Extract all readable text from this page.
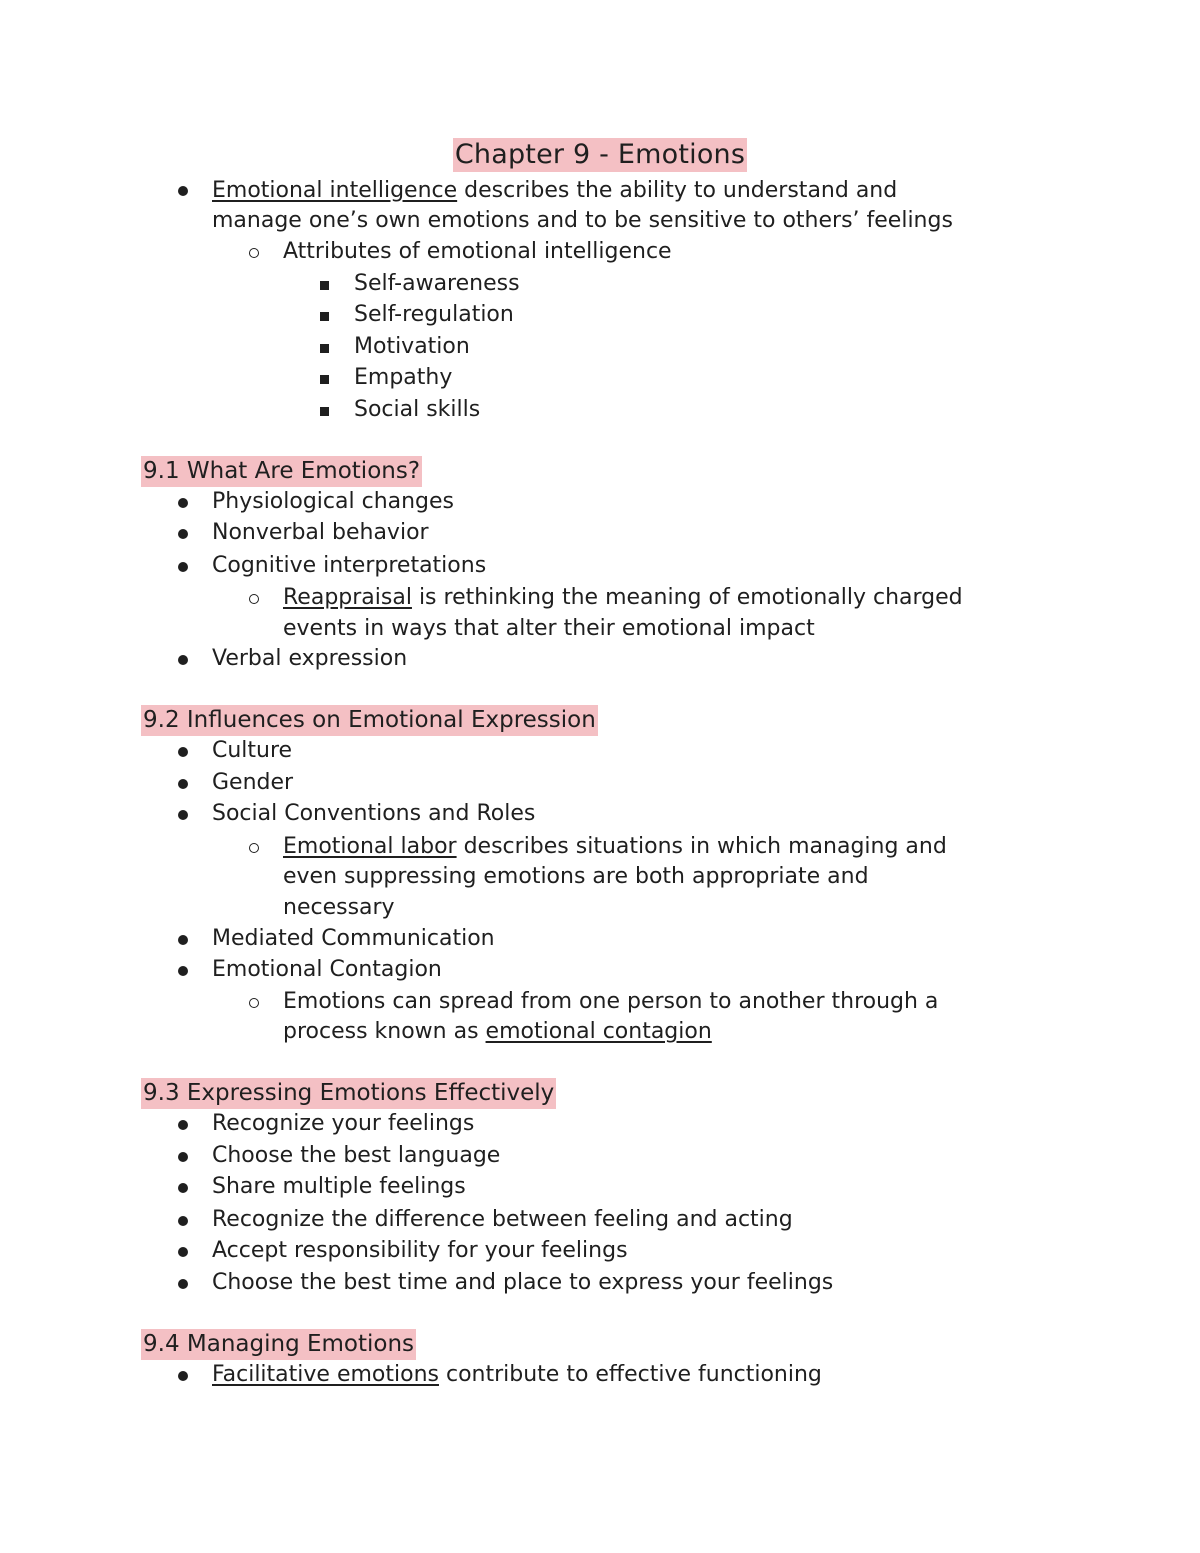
Chapter 9 - Emotions
Emotional intelligence describes the ability to understand and
manage one’s own emotions and to be sensitive to others’ feelings
Attributes of emotional intelligence
Self-awareness
Self-regulation
Motivation
Empathy
Social skills
9.1 What Are Emotions?
Physiological changes
Nonverbal behavior
Cognitive interpretations
Reappraisal is rethinking the meaning of emotionally charged
events in ways that alter their emotional impact
Verbal expression
9.2 Influences on Emotional Expression
Culture
Gender
Social Conventions and Roles
Emotional labor describes situations in which managing and
even suppressing emotions are both appropriate and
necessary
Mediated Communication
Emotional Contagion
Emotions can spread from one person to another through a
process known as emotional contagion
9.3 Expressing Emotions Effectively
Recognize your feelings
Choose the best language
Share multiple feelings
Recognize the difference between feeling and acting
Accept responsibility for your feelings
Choose the best time and place to express your feelings
9.4 Managing Emotions
Facilitative emotions contribute to effective functioning
